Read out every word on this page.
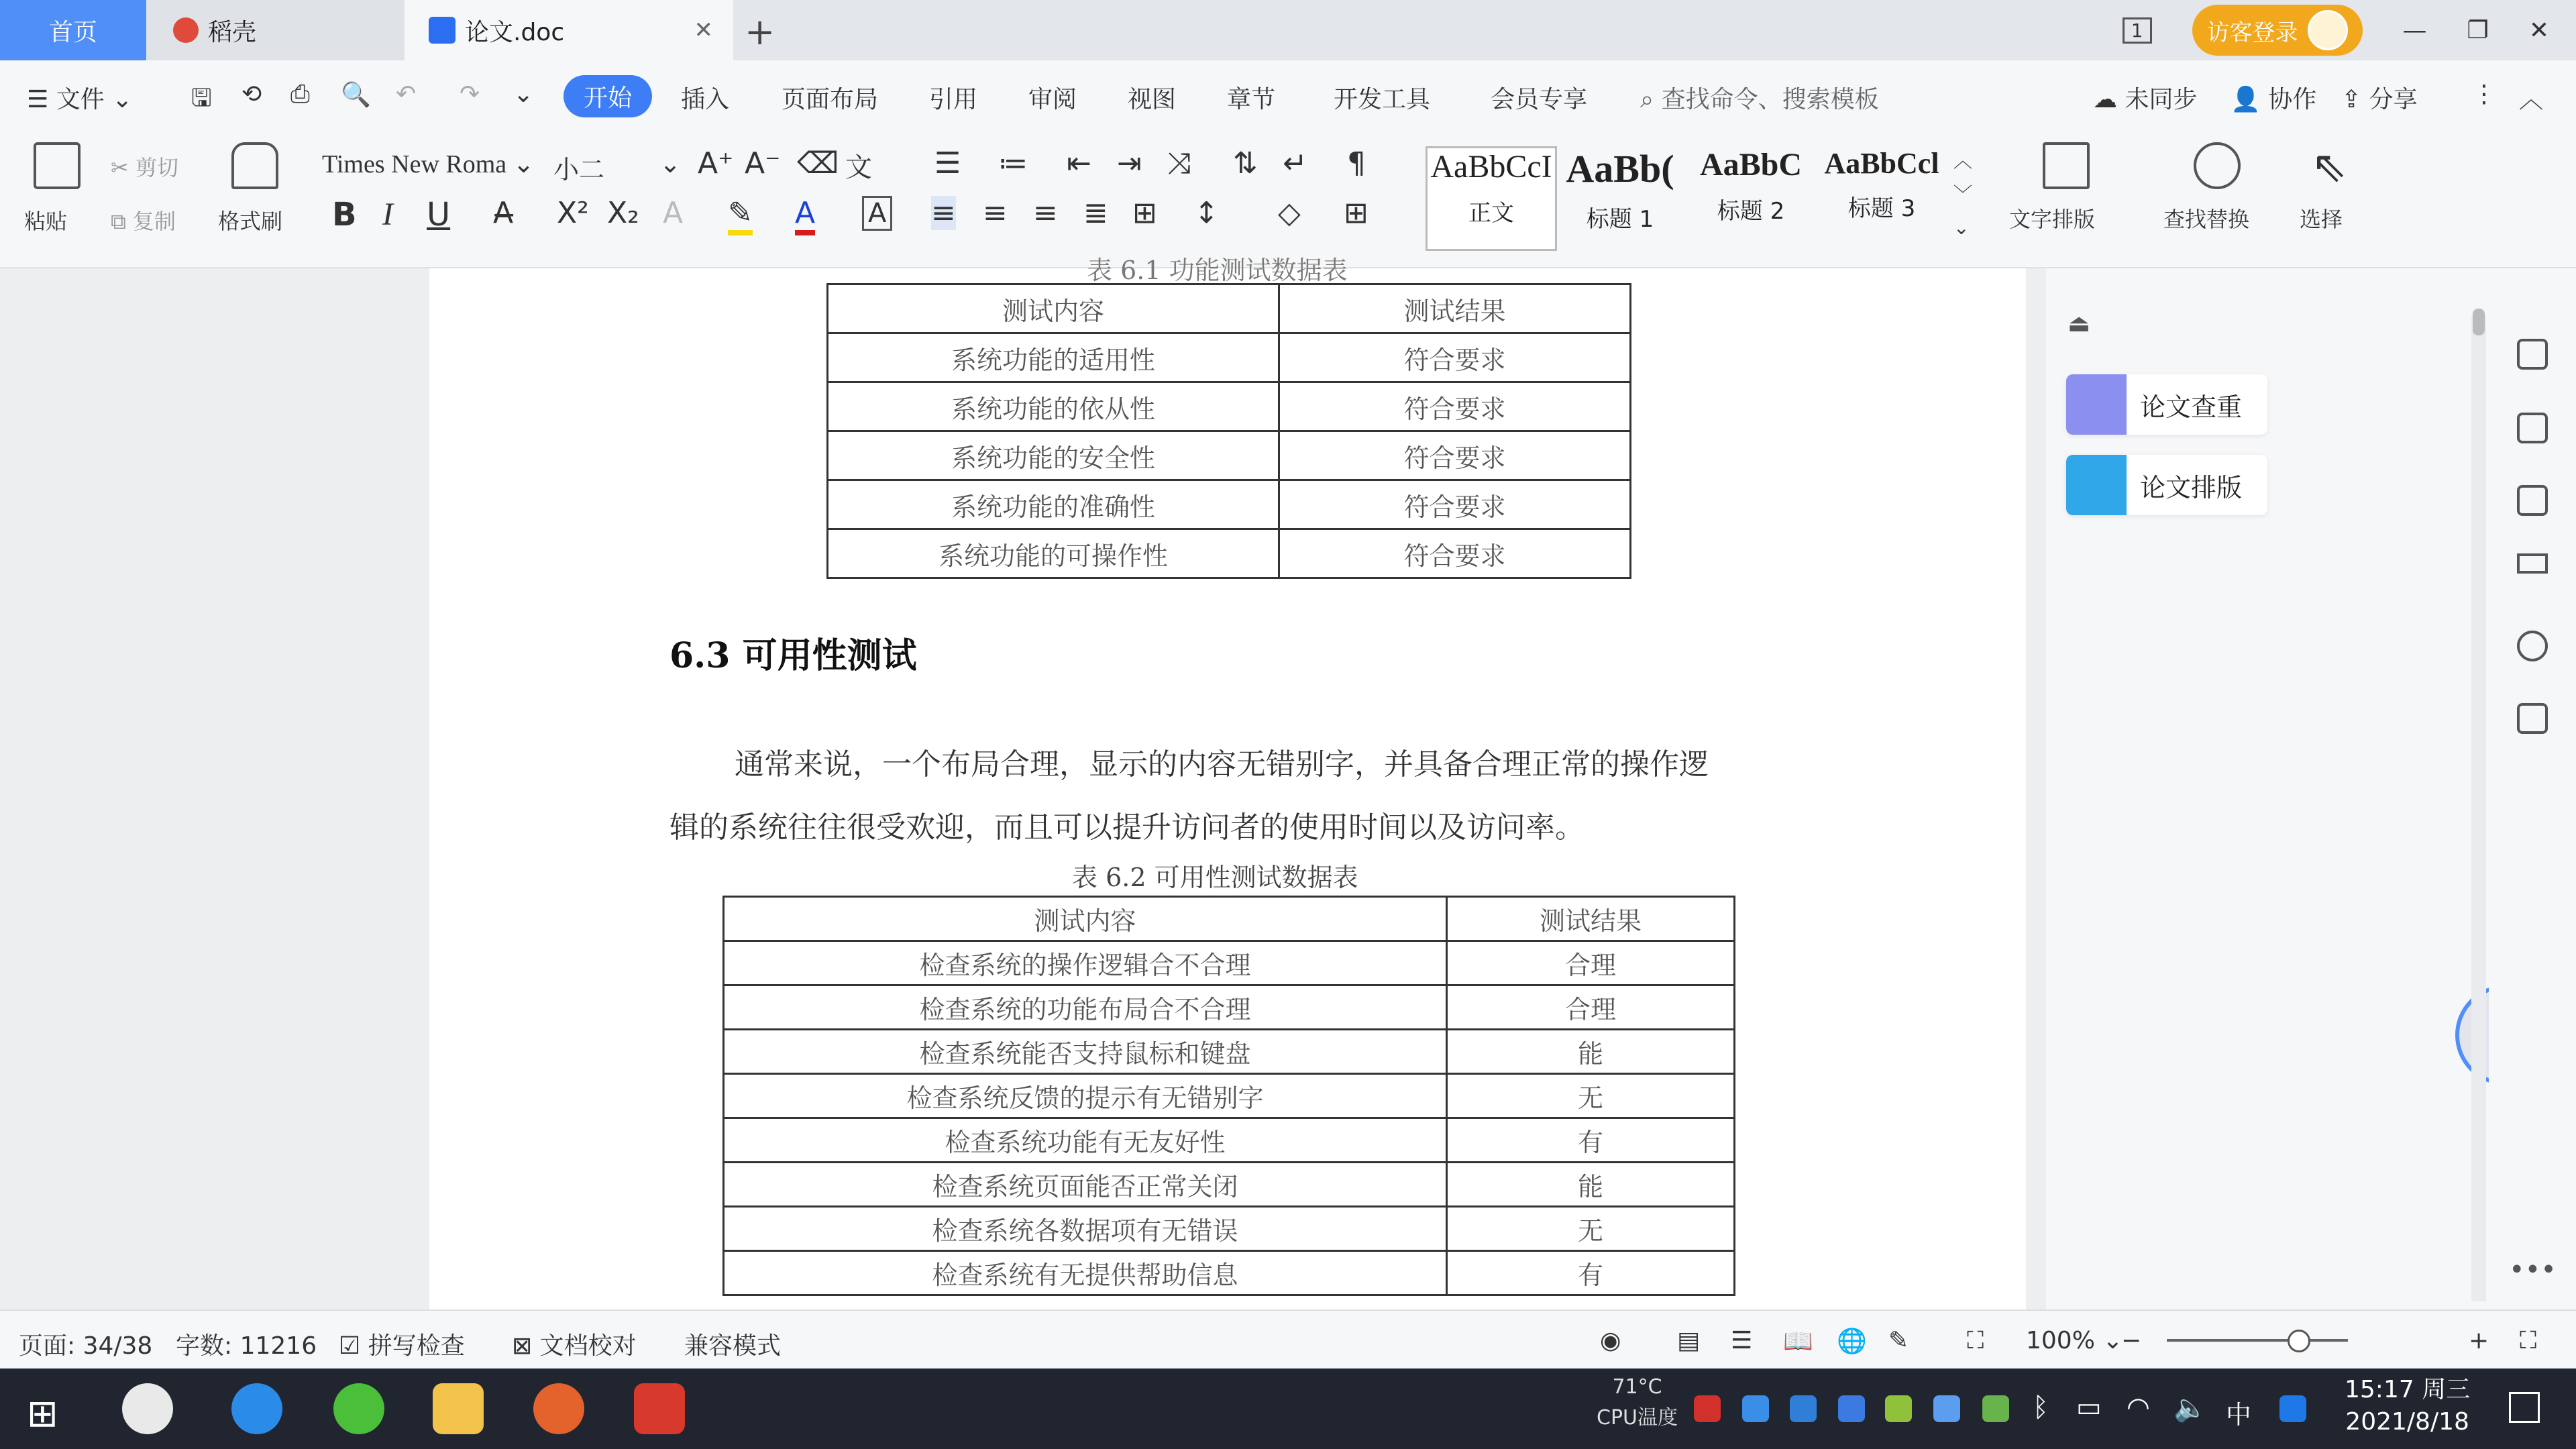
首页	稻壳	论文.doc	✕ +	1	访客登录	— ❐ ✕
☰ 文件 ⌄ 🖫 ⟲ ⎙ 🔍 ↶ ↷ ⌄	开始	插入 页面布局 引用 审阅 视图 章节 开发工具 会员专享 ⌕ 查找命令、搜索模板	☁ 未同步 👤 协作 ⇪ 分享 ⋮ ︿
粘贴
✂ 剪切
⧉ 复制 格式刷
Times New Roma ⌄ 小二 ⌄ A⁺ A⁻ ⌫ 文 ☰ ≔ ⇤ ⇥ ⤨ ⇅ ↵ ¶
B I U A̶ X² X₂ A ✎ A A ≡ ≡ ≡ ≣ ⊞ ↕ ◇ ⊞
AaBbCcI
正文
AaBb(
标题 1
AaBbC
标题 2
AaBbCcl
标题 3
︿
﹀
⌄ 文字排版	查找替换
⇖
选择
表 6.1 功能测试数据表
测试内容	测试结果
系统功能的适用性	符合要求
系统功能的依从性	符合要求
系统功能的安全性	符合要求
系统功能的准确性	符合要求
系统功能的可操作性	符合要求
6.3 可用性测试
通常来说，一个布局合理，显示的内容无错别字，并具备合理正常的操作逻
辑的系统往往很受欢迎，而且可以提升访问者的使用时间以及访问率。
表 6.2 可用性测试数据表
测试内容	测试结果
检查系统的操作逻辑合不合理	合理
检查系统的功能布局合不合理	合理
检查系统能否支持鼠标和键盘	能
检查系统反馈的提示有无错别字	无
检查系统功能有无友好性	有
检查系统页面能否正常关闭	能
检查系统各数据项有无错误	无
检查系统有无提供帮助信息	有
⏏
论文查重
论文排版
•••
页面: 34/38 字数: 11216 ☑ 拼写检查 ⊠ 文档校对 兼容模式	◉ ▤ ☰ 📖 🌐 ✎ ⛶ 100% ⌄
−	+ ⛶
⊞
71°C
CPU温度	ᛒ ▭ ◠ 🔈 中
15:17 周三
2021/8/18
